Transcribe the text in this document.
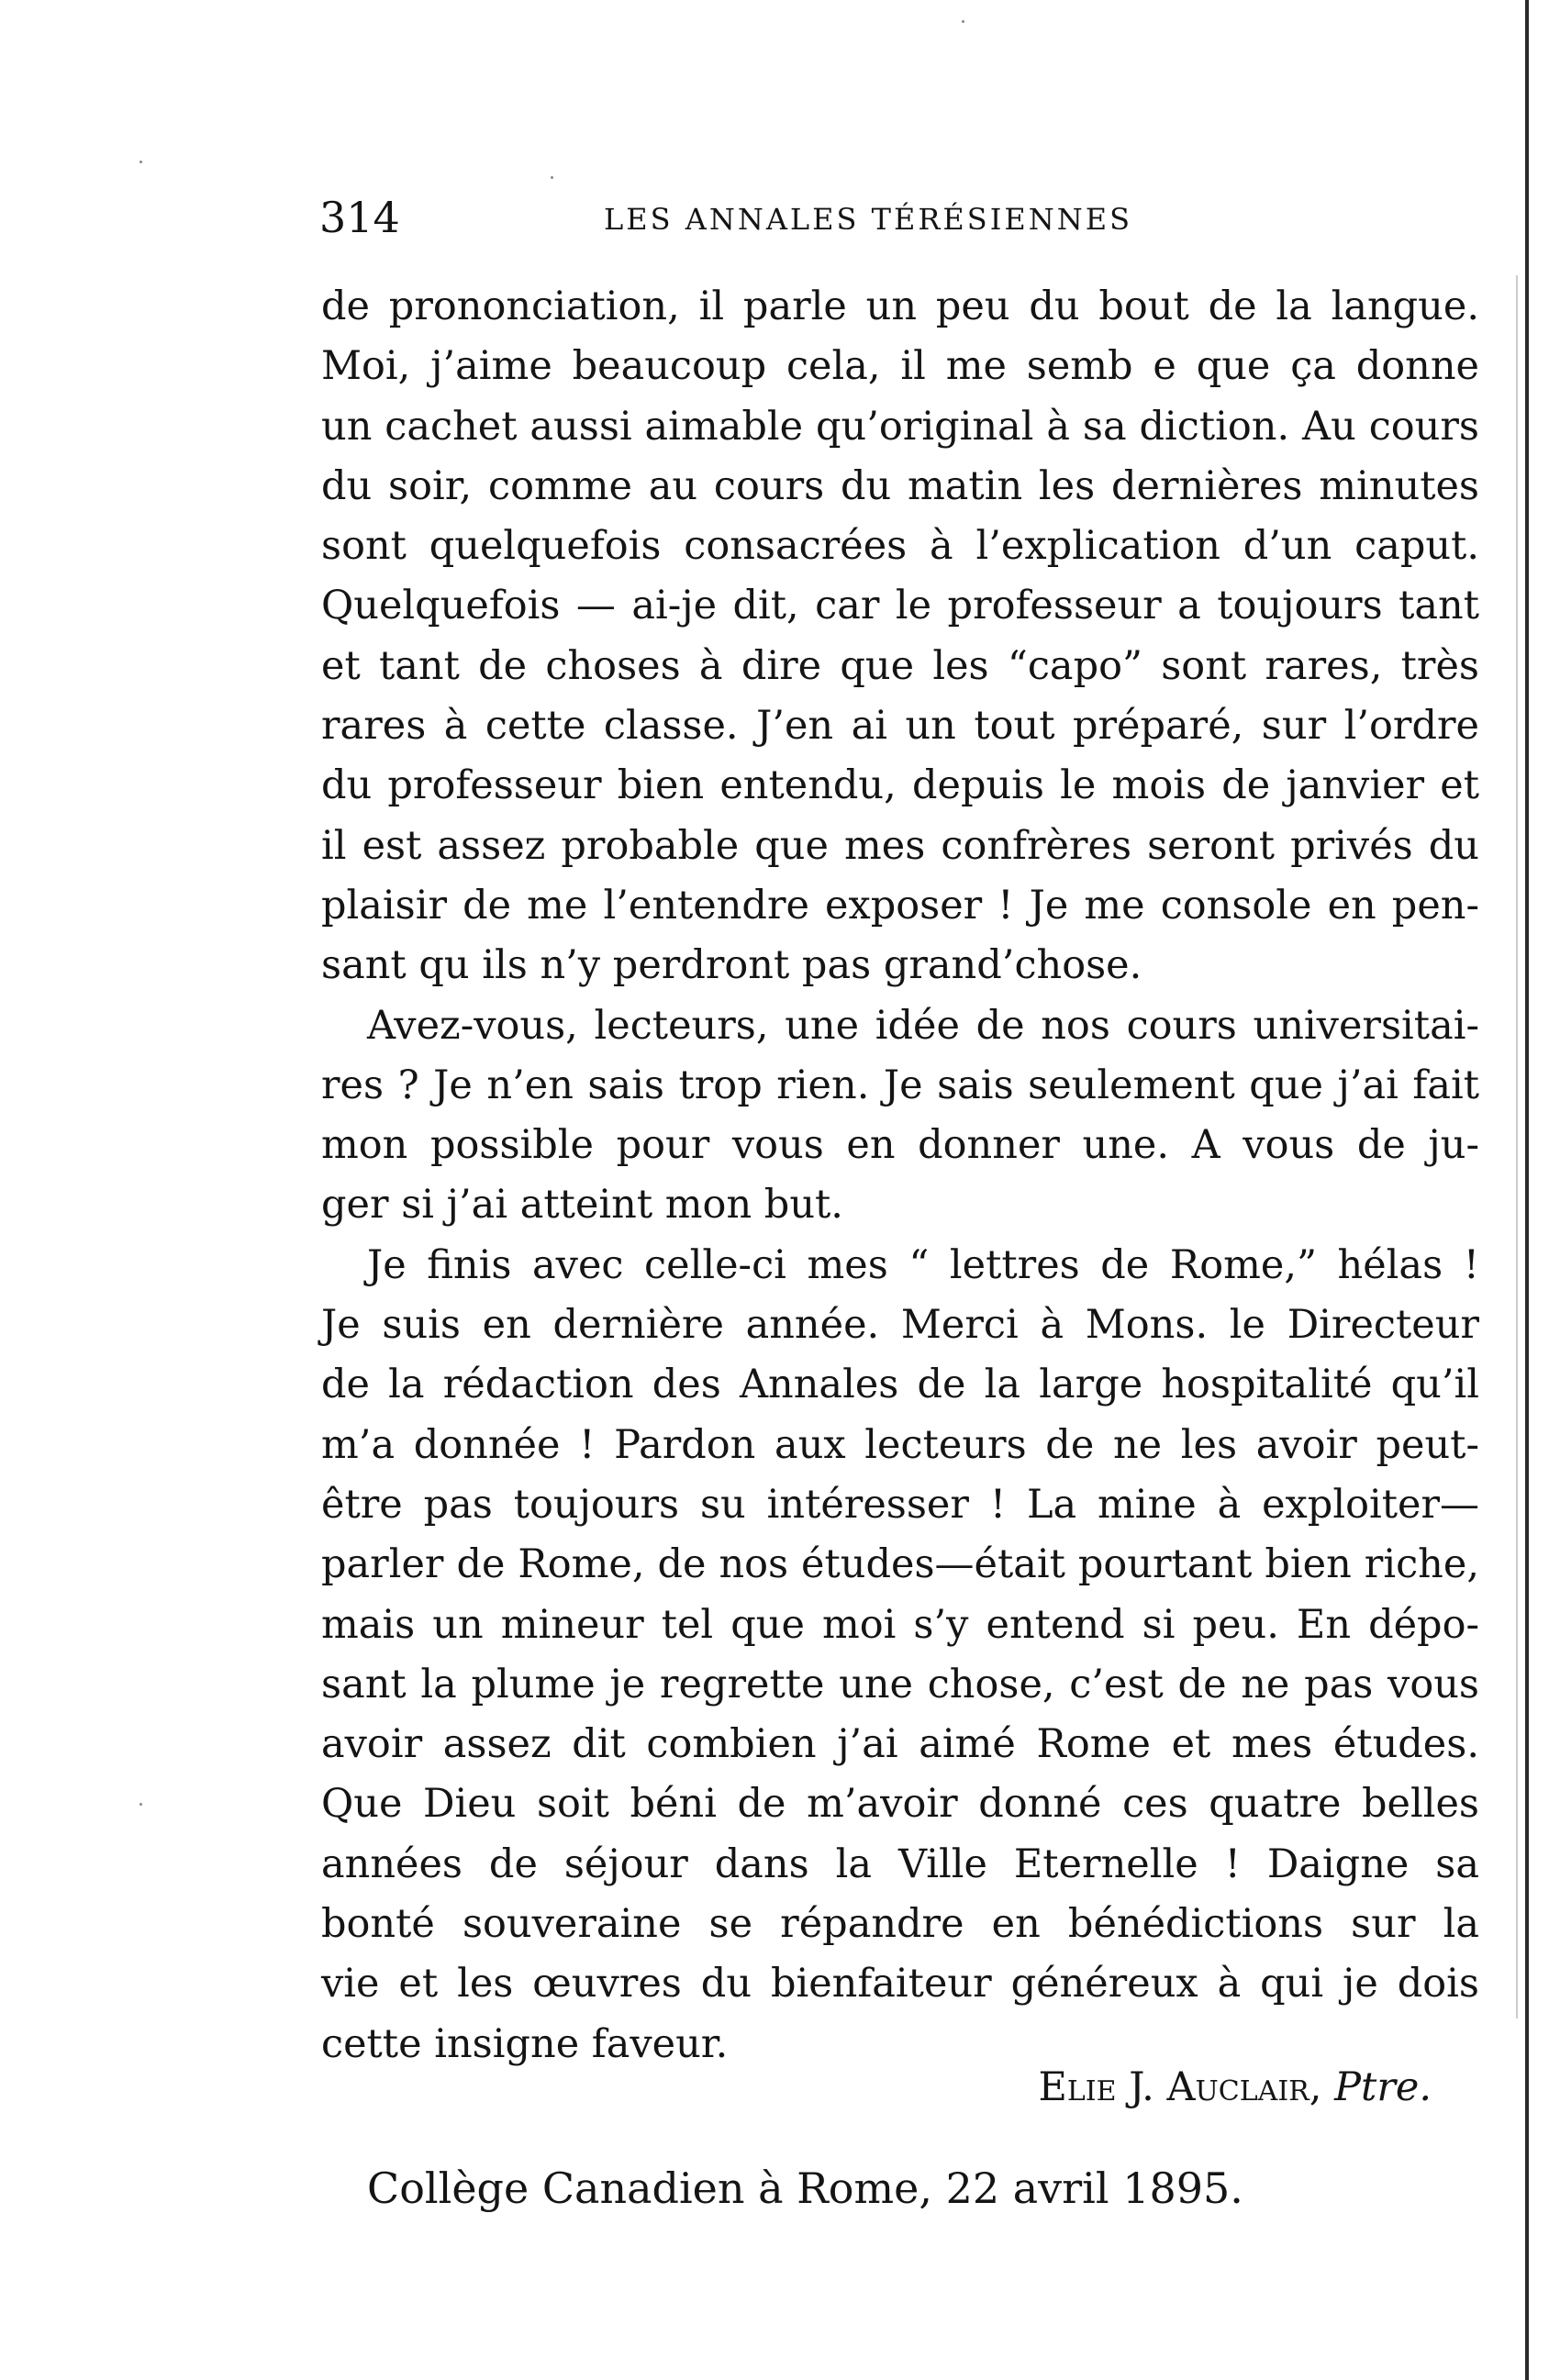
314	LES ANNALES TÉRÉSIENNES
de prononciation, il parle un peu du bout de la langue.
Moi, j’aime beaucoup cela, il me semb e que ça donne
un cachet aussi aimable qu’original à sa diction. Au cours
du soir, comme au cours du matin les dernières minutes
sont quelquefois consacrées à l’explication d’un caput.
Quelquefois — ai-je dit, car le professeur a toujours tant
et tant de choses à dire que les “capo” sont rares, très
rares à cette classe. J’en ai un tout préparé, sur l’ordre
du professeur bien entendu, depuis le mois de janvier et
il est assez probable que mes confrères seront privés du
plaisir de me l’entendre exposer ! Je me console en pen-
sant qu ils n’y perdront pas grand’chose.
Avez-vous, lecteurs, une idée de nos cours universitai-
res ? Je n’en sais trop rien. Je sais seulement que j’ai fait
mon possible pour vous en donner une. A vous de ju-
ger si j’ai atteint mon but.
Je finis avec celle-ci mes “ lettres de Rome,” hélas !
Je suis en dernière année. Merci à Mons. le Directeur
de la rédaction des Annales de la large hospitalité qu’il
m’a donnée ! Pardon aux lecteurs de ne les avoir peut-
être pas toujours su intéresser ! La mine à exploiter—
parler de Rome, de nos études—était pourtant bien riche,
mais un mineur tel que moi s’y entend si peu. En dépo-
sant la plume je regrette une chose, c’est de ne pas vous
avoir assez dit combien j’ai aimé Rome et mes études.
Que Dieu soit béni de m’avoir donné ces quatre belles
années de séjour dans la Ville Eternelle ! Daigne sa
bonté souveraine se répandre en bénédictions sur la
vie et les œuvres du bienfaiteur généreux à qui je dois
cette insigne faveur.
Elie J. Auclair, Ptre.
Collège Canadien à Rome, 22 avril 1895.
